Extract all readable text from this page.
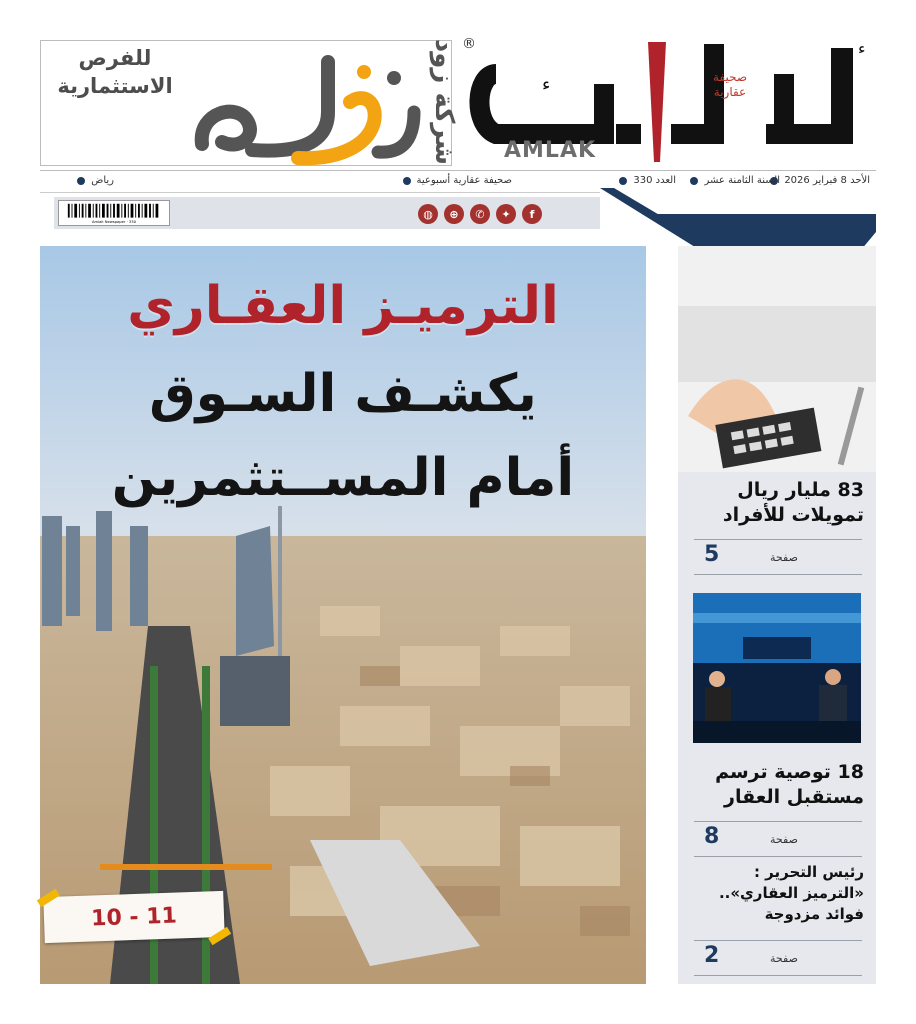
للفرص
الاستثمارية	شركة زود	ء
ء
®
صحيفة
عقارية
AMLAK
الأحد 8 فبراير 2026
السنة الثامنة عشر
العدد 330
صحيفة عقارية أسبوعية
رياض
Amlak Newspaper · 330
◍	⊕	✆	✦	f
الترميـز العقـاري
يكشـف السـوق
أمام المســتثمرين
10 - 11
83 مليار ريال
تمويلات للأفراد
5	صفحة
18 توصية ترسم
مستقبل العقار
8	صفحة
رئيس التحرير :
«الترميز العقاري»..
فوائد مزدوجة
2	صفحة
